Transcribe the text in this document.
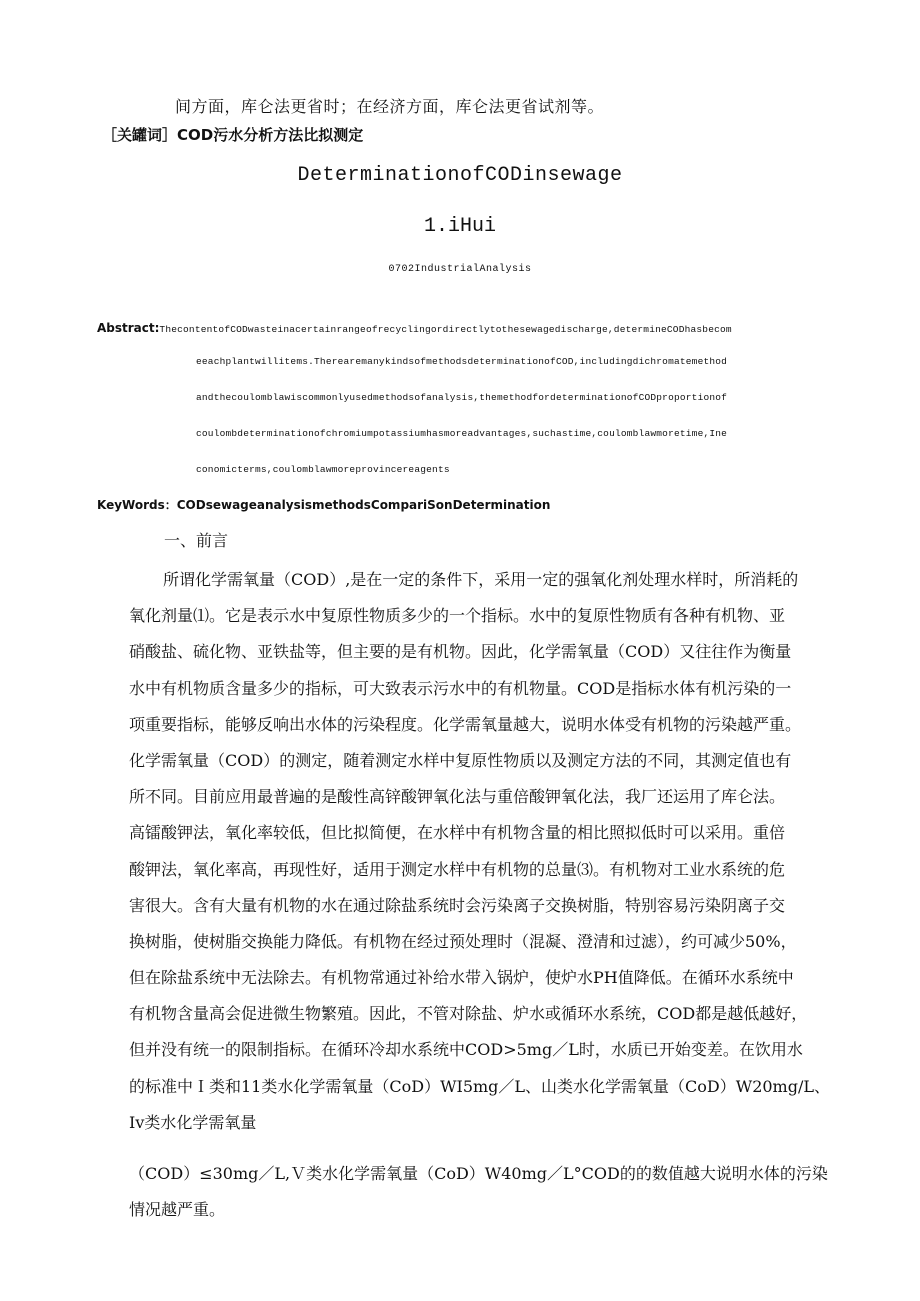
间方面，库仑法更省时；在经济方面，库仑法更省试剂等。
［关罐词］COD污水分析方法比拟测定
DeterminationofCODinsewage
1.iHui
0702IndustrialAnalysis
Abstract:ThecontentofCODwasteinacertainrangeofrecyclingordirectlytothesewagedischarge,determineCODhasbecom
eeachplantwillitems.TherearemanykindsofmethodsdeterminationofCOD,includingdichromatemethod
andthecoulomblawiscommonlyusedmethodsofanalysis,themethodfordeterminationofCODproportionof
coulombdeterminationofchromiumpotassiumhasmoreadvantages,suchastime,coulomblawmoretime,Ine
conomicterms,coulomblawmoreprovincereagents
KeyWords：CODsewageanalysismethodsCompariSonDetermination
一、前言
所谓化学需氧量（COD）,是在一定的条件下，采用一定的强氧化剂处理水样时，所消耗的
氧化剂量⑴。它是表示水中复原性物质多少的一个指标。水中的复原性物质有各种有机物、亚
硝酸盐、硫化物、亚铁盐等，但主要的是有机物。因此，化学需氧量（COD）又往往作为衡量
水中有机物质含量多少的指标，可大致表示污水中的有机物量。COD是指标水体有机污染的一
项重要指标，能够反响出水体的污染程度。化学需氧量越大，说明水体受有机物的污染越严重。
化学需氧量（COD）的测定，随着测定水样中复原性物质以及测定方法的不同，其测定值也有
所不同。目前应用最普遍的是酸性高锌酸钾氧化法与重倍酸钾氧化法，我厂还运用了库仑法。
高镭酸钾法，氧化率较低，但比拟简便，在水样中有机物含量的相比照拟低时可以采用。重倍
酸钾法，氧化率高，再现性好，适用于测定水样中有机物的总量⑶。有机物对工业水系统的危
害很大。含有大量有机物的水在通过除盐系统时会污染离子交换树脂，特别容易污染阴离子交
换树脂，使树脂交换能力降低。有机物在经过预处理时（混凝、澄清和过滤），约可减少50%，
但在除盐系统中无法除去。有机物常通过补给水带入锅炉，使炉水PH值降低。在循环水系统中
有机物含量高会促进微生物繁殖。因此，不管对除盐、炉水或循环水系统，COD都是越低越好，
但并没有统一的限制指标。在循环冷却水系统中COD>5mg／L时，水质已开始变差。在饮用水
的标准中Ｉ类和11类水化学需氧量（CoD）WI5mg／L、山类水化学需氧量（CoD）W20mg/L、
Iv类水化学需氧量
（COD）≤30mg／L,Ｖ类水化学需氧量（CoD）W40mg／L°COD的的数值越大说明水体的污染
情况越严重。
